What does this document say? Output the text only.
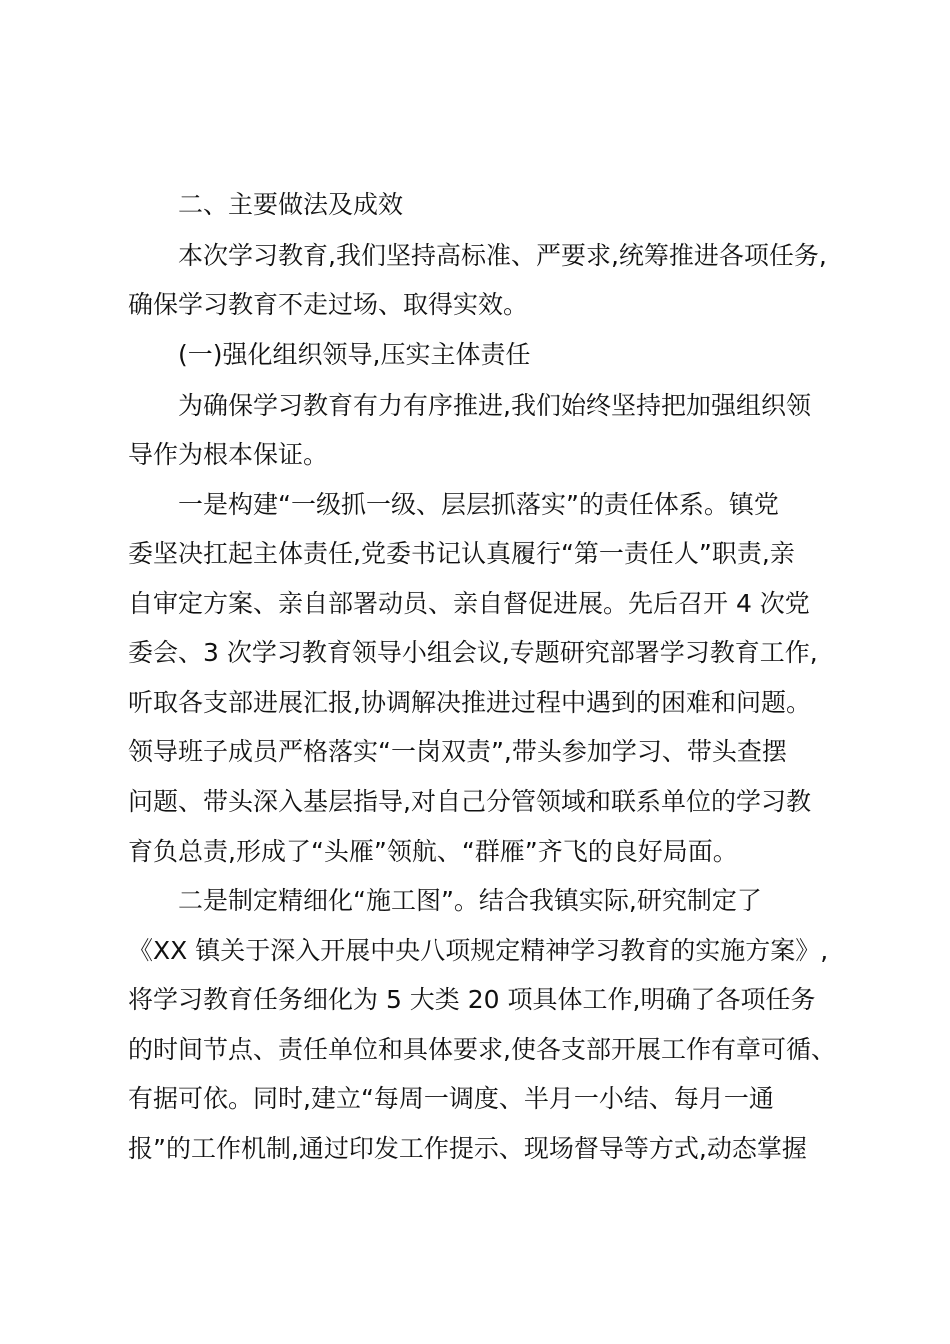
二、主要做法及成效
本次学习教育,我们坚持高标准、严要求,统筹推进各项任务,
确保学习教育不走过场、取得实效。
(一)强化组织领导,压实主体责任
为确保学习教育有力有序推进,我们始终坚持把加强组织领
导作为根本保证。
一是构建“一级抓一级、层层抓落实”的责任体系。镇党
委坚决扛起主体责任,党委书记认真履行“第一责任人”职责,亲
自审定方案、亲自部署动员、亲自督促进展。先后召开 4 次党
委会、3 次学习教育领导小组会议,专题研究部署学习教育工作,
听取各支部进展汇报,协调解决推进过程中遇到的困难和问题。
领导班子成员严格落实“一岗双责”,带头参加学习、带头查摆
问题、带头深入基层指导,对自己分管领域和联系单位的学习教
育负总责,形成了“头雁”领航、“群雁”齐飞的良好局面。
二是制定精细化“施工图”。结合我镇实际,研究制定了
《XX 镇关于深入开展中央八项规定精神学习教育的实施方案》,
将学习教育任务细化为 5 大类 20 项具体工作,明确了各项任务
的时间节点、责任单位和具体要求,使各支部开展工作有章可循、
有据可依。同时,建立“每周一调度、半月一小结、每月一通
报”的工作机制,通过印发工作提示、现场督导等方式,动态掌握
